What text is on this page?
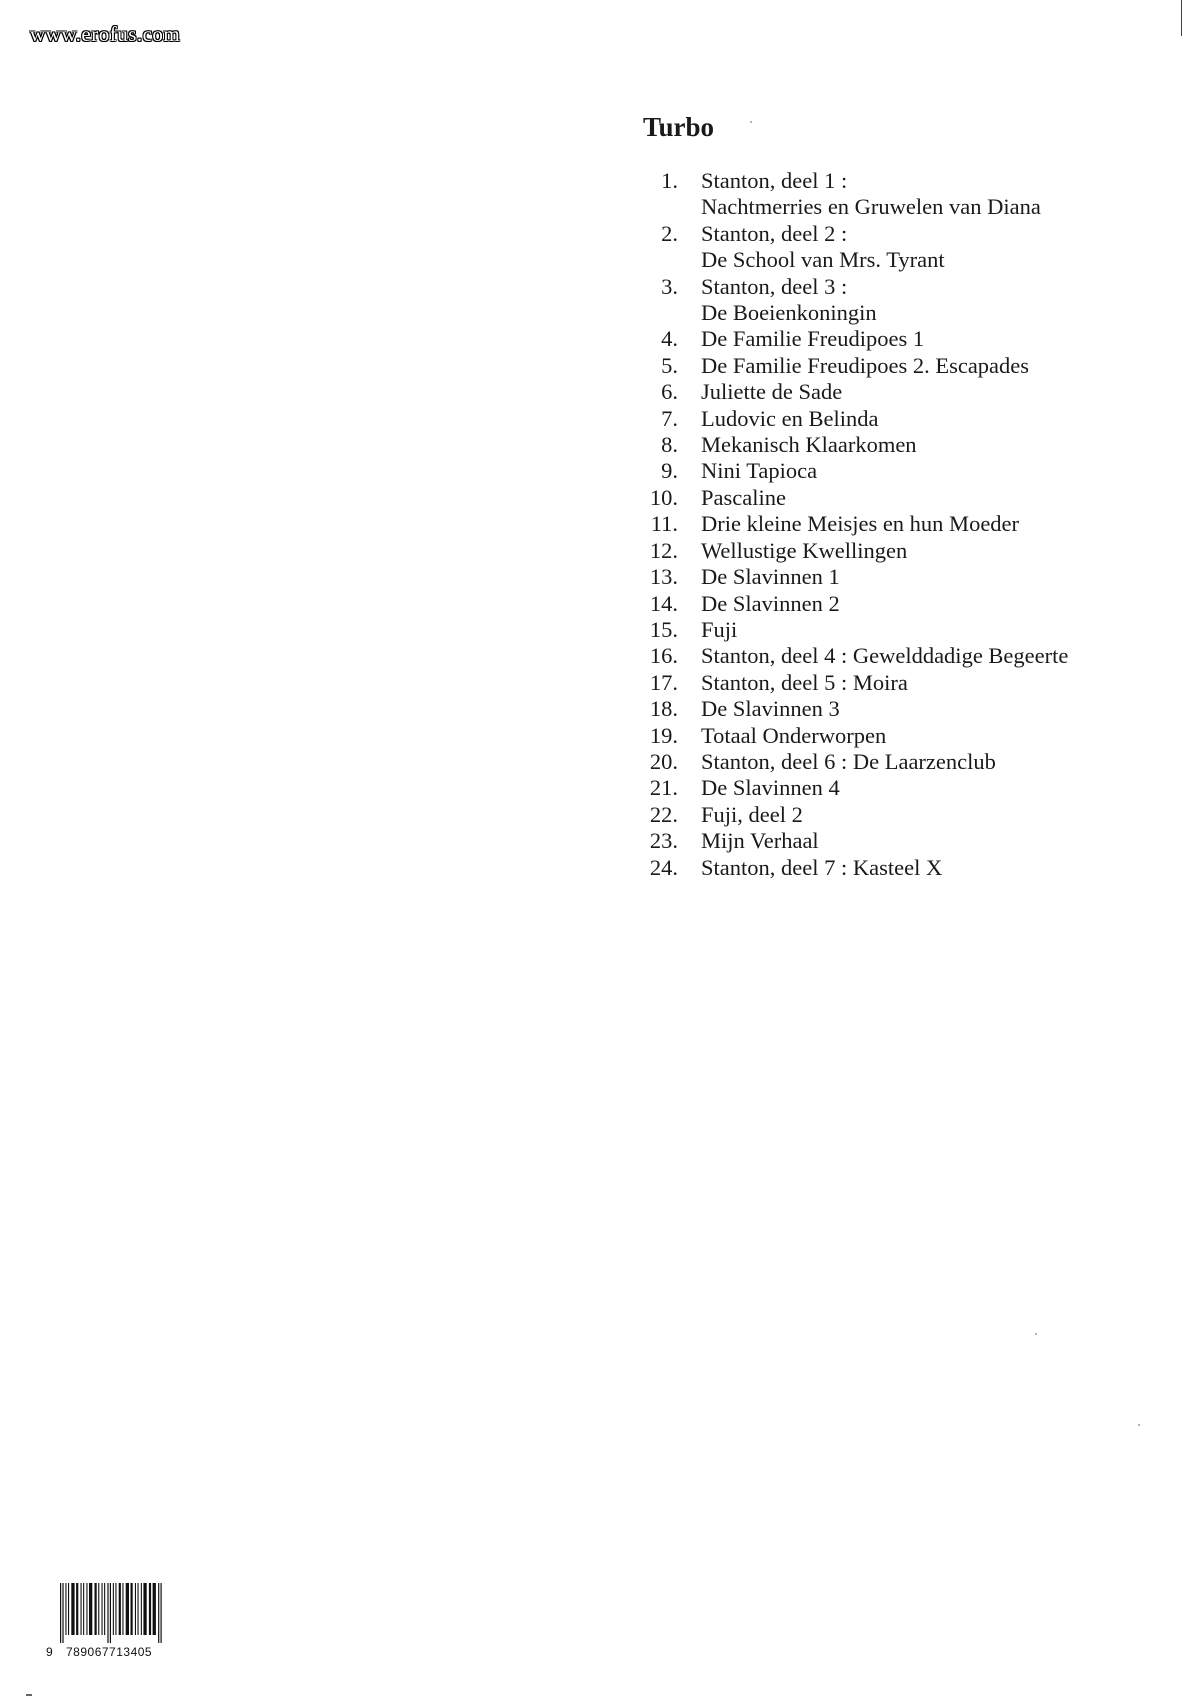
www.erofus.com
Turbo
1.	Stanton, deel 1 :
Nachtmerries en Gruwelen van Diana
2.	Stanton, deel 2 :
De School van Mrs. Tyrant
3.	Stanton, deel 3 :
De Boeienkoningin
4.	De Familie Freudipoes 1
5.	De Familie Freudipoes 2. Escapades
6.	Juliette de Sade
7.	Ludovic en Belinda
8.	Mekanisch Klaarkomen
9.	Nini Tapioca
10.	Pascaline
11.	Drie kleine Meisjes en hun Moeder
12.	Wellustige Kwellingen
13.	De Slavinnen 1
14.	De Slavinnen 2
15.	Fuji
16.	Stanton, deel 4 : Gewelddadige Begeerte
17.	Stanton, deel 5 : Moira
18.	De Slavinnen 3
19.	Totaal Onderworpen
20.	Stanton, deel 6 : De Laarzenclub
21.	De Slavinnen 4
22.	Fuji, deel 2
23.	Mijn Verhaal
24.	Stanton, deel 7 : Kasteel X
9	789067713405
